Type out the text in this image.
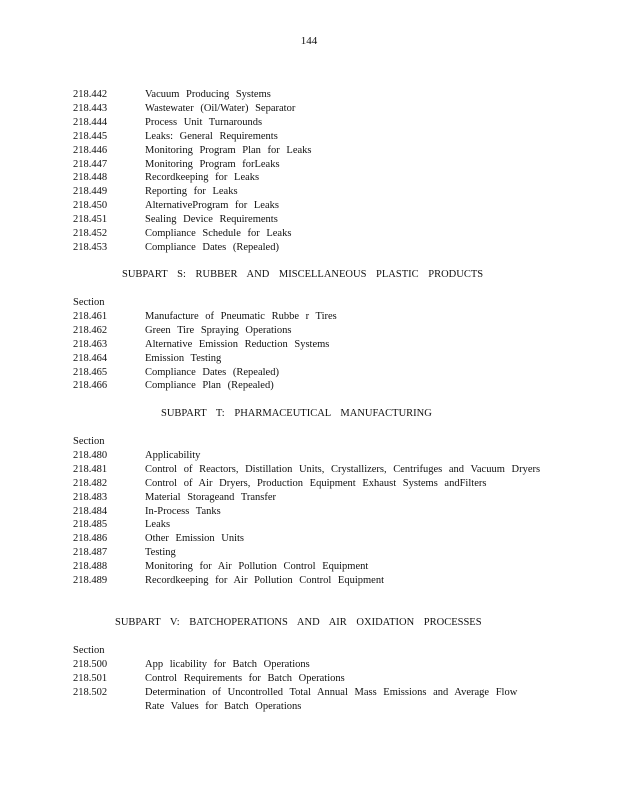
144
218.442	Vacuum Producing Systems
218.443	Wastewater (Oil/Water) Separator
218.444	Process Unit Turnarounds
218.445	Leaks: General Requirements
218.446	Monitoring Program Plan for Leaks
218.447	Monitoring Program forLeaks
218.448	Recordkeeping for Leaks
218.449	Reporting for Leaks
218.450	AlternativeProgram for Leaks
218.451	Sealing Device Requirements
218.452	Compliance Schedule for Leaks
218.453	Compliance Dates (Repealed)
SUBPART S: RUBBER AND MISCELLANEOUS PLASTIC PRODUCTS
Section
218.461	Manufacture of Pneumatic Rubbe r Tires
218.462	Green Tire Spraying Operations
218.463	Alternative Emission Reduction Systems
218.464	Emission Testing
218.465	Compliance Dates (Repealed)
218.466	Compliance Plan (Repealed)
SUBPART T: PHARMACEUTICAL MANUFACTURING
Section
218.480	Applicability
218.481	Control of Reactors, Distillation Units, Crystallizers, Centrifuges and Vacuum Dryers
218.482	Control of Air Dryers, Production Equipment Exhaust Systems andFilters
218.483	Material Storageand Transfer
218.484	In-Process Tanks
218.485	Leaks
218.486	Other Emission Units
218.487	Testing
218.488	Monitoring for Air Pollution Control Equipment
218.489	Recordkeeping for Air Pollution Control Equipment
SUBPART V: BATCHOPERATIONS AND AIR OXIDATION PROCESSES
Section
218.500	App licability for Batch Operations
218.501	Control Requirements for Batch Operations
218.502	Determination of Uncontrolled Total Annual Mass Emissions and Average Flow Rate Values for Batch Operations
